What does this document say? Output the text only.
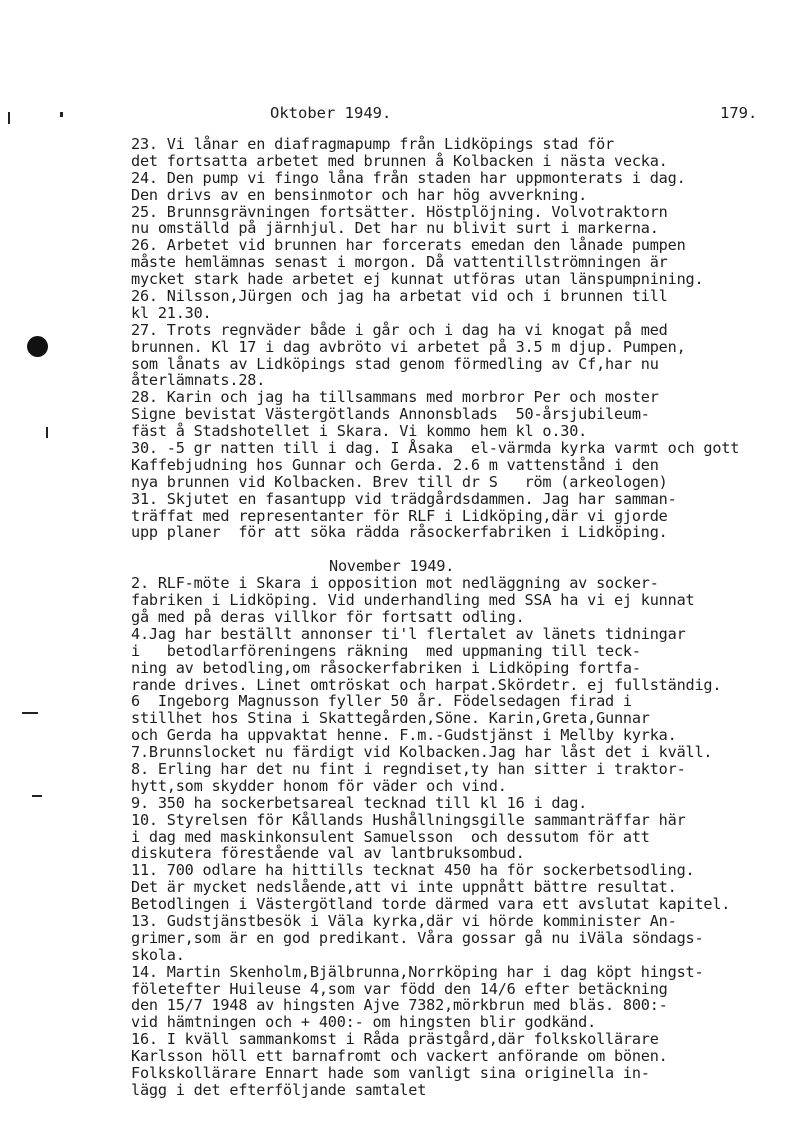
Oktober 1949.	179.
23. Vi lånar en diafragmapump från Lidköpings stad för
det fortsatta arbetet med brunnen å Kolbacken i nästa vecka.
24. Den pump vi fingo låna från staden har uppmonterats i dag.
Den drivs av en bensinmotor och har hög avverkning.
25. Brunnsgrävningen fortsätter. Höstplöjning. Volvotraktorn
nu omställd på järnhjul. Det har nu blivit surt i markerna.
26. Arbetet vid brunnen har forcerats emedan den lånade pumpen
måste hemlämnas senast i morgon. Då vattentillströmningen är
mycket stark hade arbetet ej kunnat utföras utan länspumpnining.
26. Nilsson,Jürgen och jag ha arbetat vid och i brunnen till
kl 21.30.
27. Trots regnväder både i går och i dag ha vi knogat på med
brunnen. Kl 17 i dag avbröto vi arbetet på 3.5 m djup. Pumpen,
som lånats av Lidköpings stad genom förmedling av Cf,har nu
återlämnats.28.
28. Karin och jag ha tillsammans med morbror Per och moster
Signe bevistat Västergötlands Annonsblads  50-årsjubileum-
fäst å Stadshotellet i Skara. Vi kommo hem kl o.30.
30. -5 gr natten till i dag. I Åsaka  el-värmda kyrka varmt och gott
Kaffebjudning hos Gunnar och Gerda. 2.6 m vattenstånd i den
nya brunnen vid Kolbacken. Brev till dr S   röm (arkeologen)
31. Skjutet en fasantupp vid trädgårdsdammen. Jag har samman-
träffat med representanter för RLF i Lidköping,där vi gjorde
upp planer  för att söka rädda råsockerfabriken i Lidköping.
November 1949.
2. RLF-möte i Skara i opposition mot nedläggning av socker-
fabriken i Lidköping. Vid underhandling med SSA ha vi ej kunnat
gå med på deras villkor för fortsatt odling.
4.Jag har beställt annonser ti'l flertalet av länets tidningar
i   betodlarföreningens räkning  med uppmaning till teck-
ning av betodling,om råsockerfabriken i Lidköping fortfa-
rande drives. Linet omtröskat och harpat.Skördetr. ej fullständig.
6  Ingeborg Magnusson fyller 50 år. Födelsedagen firad i
stillhet hos Stina i Skattegården,Söne. Karin,Greta,Gunnar
och Gerda ha uppvaktat henne. F.m.-Gudstjänst i Mellby kyrka.
7.Brunnslocket nu färdigt vid Kolbacken.Jag har låst det i kväll.
8. Erling har det nu fint i regndiset,ty han sitter i traktor-
hytt,som skydder honom för väder och vind.
9. 350 ha sockerbetsareal tecknad till kl 16 i dag.
10. Styrelsen för Kållands Hushållningsgille sammanträffar här
i dag med maskinkonsulent Samuelsson  och dessutom för att
diskutera förestående val av lantbruksombud.
11. 700 odlare ha hittills tecknat 450 ha för sockerbetsodling.
Det är mycket nedslående,att vi inte uppnått bättre resultat.
Betodlingen i Västergötland torde därmed vara ett avslutat kapitel.
13. Gudstjänstbesök i Väla kyrka,där vi hörde komminister An-
grimer,som är en god predikant. Våra gossar gå nu iVäla söndags-
skola.
14. Martin Skenholm,Bjälbrunna,Norrköping har i dag köpt hingst-
föletefter Huileuse 4,som var född den 14/6 efter betäckning
den 15/7 1948 av hingsten Ajve 7382,mörkbrun med bläs. 800:-
vid hämtningen och + 400:- om hingsten blir godkänd.
16. I kväll sammankomst i Råda prästgård,där folkskollärare
Karlsson höll ett barnafromt och vackert anförande om bönen.
Folkskollärare Ennart hade som vanligt sina originella in-
lägg i det efterföljande samtalet
